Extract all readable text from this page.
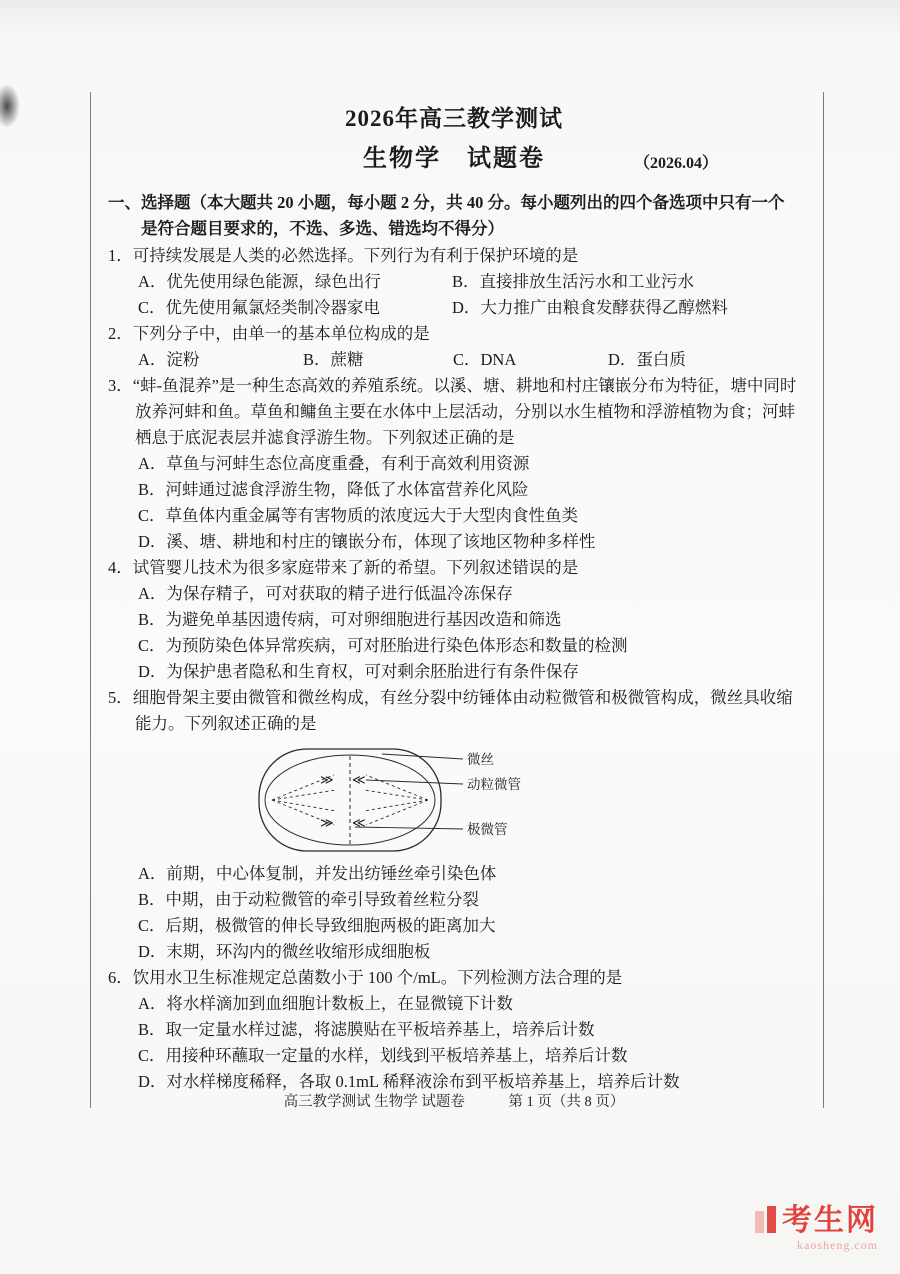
2026年高三教学测试
生物学　试题卷	（2026.04）

一、选择题（本大题共 20 小题，每小题 2 分，共 40 分。每小题列出的四个备选项中只有一个是符合题目要求的，不选、多选、错选均不得分）

1．可持续发展是人类的必然选择。下列行为有利于保护环境的是

A．优先使用绿色能源，绿色出行	B．直接排放生活污水和工业污水
C．优先使用氟氯烃类制冷器家电	D．大力推广由粮食发酵获得乙醇燃料

2．下列分子中，由单一的基本单位构成的是

A．淀粉	B．蔗糖	C．DNA	D．蛋白质

3．“蚌-鱼混养”是一种生态高效的养殖系统。以溪、塘、耕地和村庄镶嵌分布为特征，塘中同时放养河蚌和鱼。草鱼和鳙鱼主要在水体中上层活动，分别以水生植物和浮游植物为食；河蚌栖息于底泥表层并滤食浮游生物。下列叙述正确的是

A．草鱼与河蚌生态位高度重叠，有利于高效利用资源

B．河蚌通过滤食浮游生物，降低了水体富营养化风险

C．草鱼体内重金属等有害物质的浓度远大于大型肉食性鱼类

D．溪、塘、耕地和村庄的镶嵌分布，体现了该地区物种多样性

4．试管婴儿技术为很多家庭带来了新的希望。下列叙述错误的是

A．为保存精子，可对获取的精子进行低温冷冻保存

B．为避免单基因遗传病，可对卵细胞进行基因改造和筛选

C．为预防染色体异常疾病，可对胚胎进行染色体形态和数量的检测

D．为保护患者隐私和生育权，可对剩余胚胎进行有条件保存

5．细胞骨架主要由微管和微丝构成，有丝分裂中纺锤体由动粒微管和极微管构成，微丝具收缩能力。下列叙述正确的是

≫ ≪
≫ ≪
微丝
动粒微管
极微管

A．前期，中心体复制，并发出纺锤丝牵引染色体

B．中期，由于动粒微管的牵引导致着丝粒分裂

C．后期，极微管的伸长导致细胞两极的距离加大

D．末期，环沟内的微丝收缩形成细胞板

6．饮用水卫生标准规定总菌数小于 100 个/mL。下列检测方法合理的是

A．将水样滴加到血细胞计数板上，在显微镜下计数

B．取一定量水样过滤，将滤膜贴在平板培养基上，培养后计数

C．用接种环蘸取一定量的水样，划线到平板培养基上，培养后计数

D．对水样梯度稀释，各取 0.1mL 稀释液涂布到平板培养基上，培养后计数

高三教学测试 生物学 试题卷　　　第 1 页（共 8 页）
考生网
kaosheng.com
